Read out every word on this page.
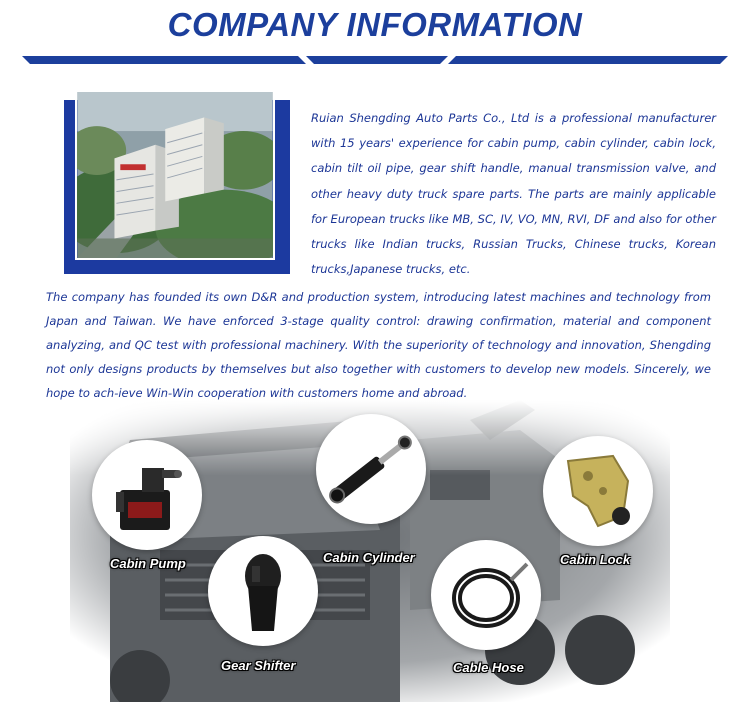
COMPANY INFORMATION
Ruian Shengding Auto Parts Co., Ltd is a professional manufacturer with 15 years' experience for cabin pump, cabin cylinder, cabin lock, cabin tilt oil pipe, gear shift handle, manual transmission valve, and other heavy duty truck spare parts. The parts are mainly applicable for European trucks like MB, SC, IV, VO, MN, RVI, DF and also for other trucks like Indian trucks, Russian Trucks, Chinese trucks, Korean trucks,Japanese trucks, etc.
The company has founded its own D&R and production system, introducing latest machines and technology from Japan and Taiwan. We have enforced 3-stage quality control: drawing confirmation, material and component analyzing, and QC test with professional machinery. With the superiority of technology and innovation, Shengding not only designs products by themselves but also together with customers to develop new models. Sincerely, we hope to ach-ieve Win-Win cooperation with customers home and abroad.
Cabin Pump	Cabin Cylinder	Cabin Lock
Gear Shifter	Cable Hose
